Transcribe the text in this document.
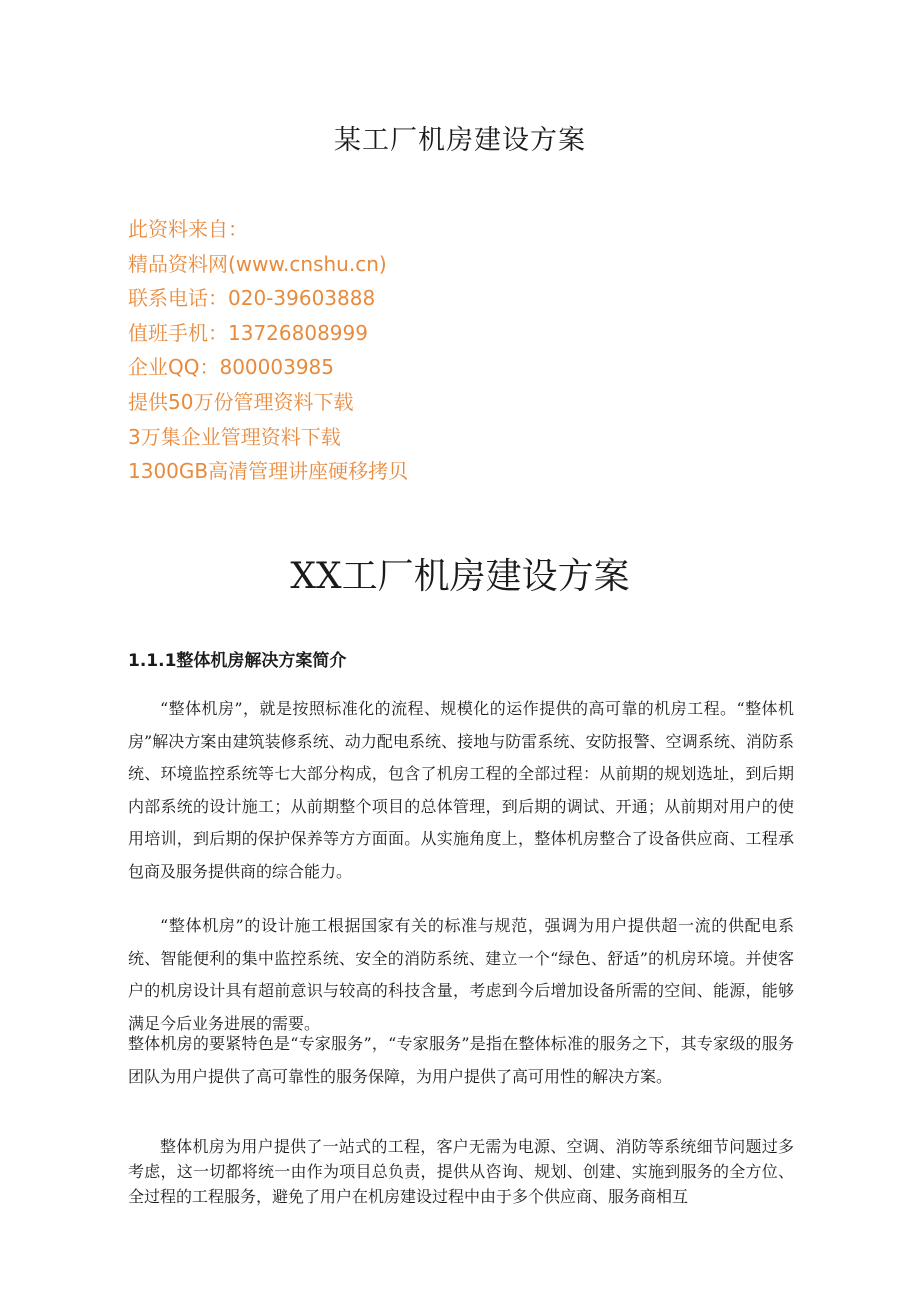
某工厂机房建设方案
此资料来自：
精品资料网(www.cnshu.cn)
联系电话：020-39603888
值班手机：13726808999
企业QQ：800003985
提供50万份管理资料下载
3万集企业管理资料下载
1300GB高清管理讲座硬移拷贝
XX工厂机房建设方案
1.1.1整体机房解决方案简介

“整体机房”，就是按照标准化的流程、规模化的运作提供的高可靠的机房工程。“整体机房”解决方案由建筑装修系统、动力配电系统、接地与防雷系统、安防报警、空调系统、消防系统、环境监控系统等七大部分构成，包含了机房工程的全部过程：从前期的规划选址，到后期内部系统的设计施工；从前期整个项目的总体管理，到后期的调试、开通；从前期对用户的使用培训，到后期的保护保养等方方面面。从实施角度上，整体机房整合了设备供应商、工程承包商及服务提供商的综合能力。

“整体机房”的设计施工根据国家有关的标准与规范，强调为用户提供超一流的供配电系统、智能便利的集中监控系统、安全的消防系统、建立一个“绿色、舒适”的机房环境。并使客户的机房设计具有超前意识与较高的科技含量，考虑到今后增加设备所需的空间、能源，能够满足今后业务进展的需要。

整体机房的要紧特色是“专家服务”，“专家服务”是指在整体标准的服务之下，其专家级的服务团队为用户提供了高可靠性的服务保障，为用户提供了高可用性的解决方案。

整体机房为用户提供了一站式的工程，客户无需为电源、空调、消防等系统细节问题过多考虑，这一切都将统一由作为项目总负责，提供从咨询、规划、创建、实施到服务的全方位、全过程的工程服务，避免了用户在机房建设过程中由于多个供应商、服务商相互
